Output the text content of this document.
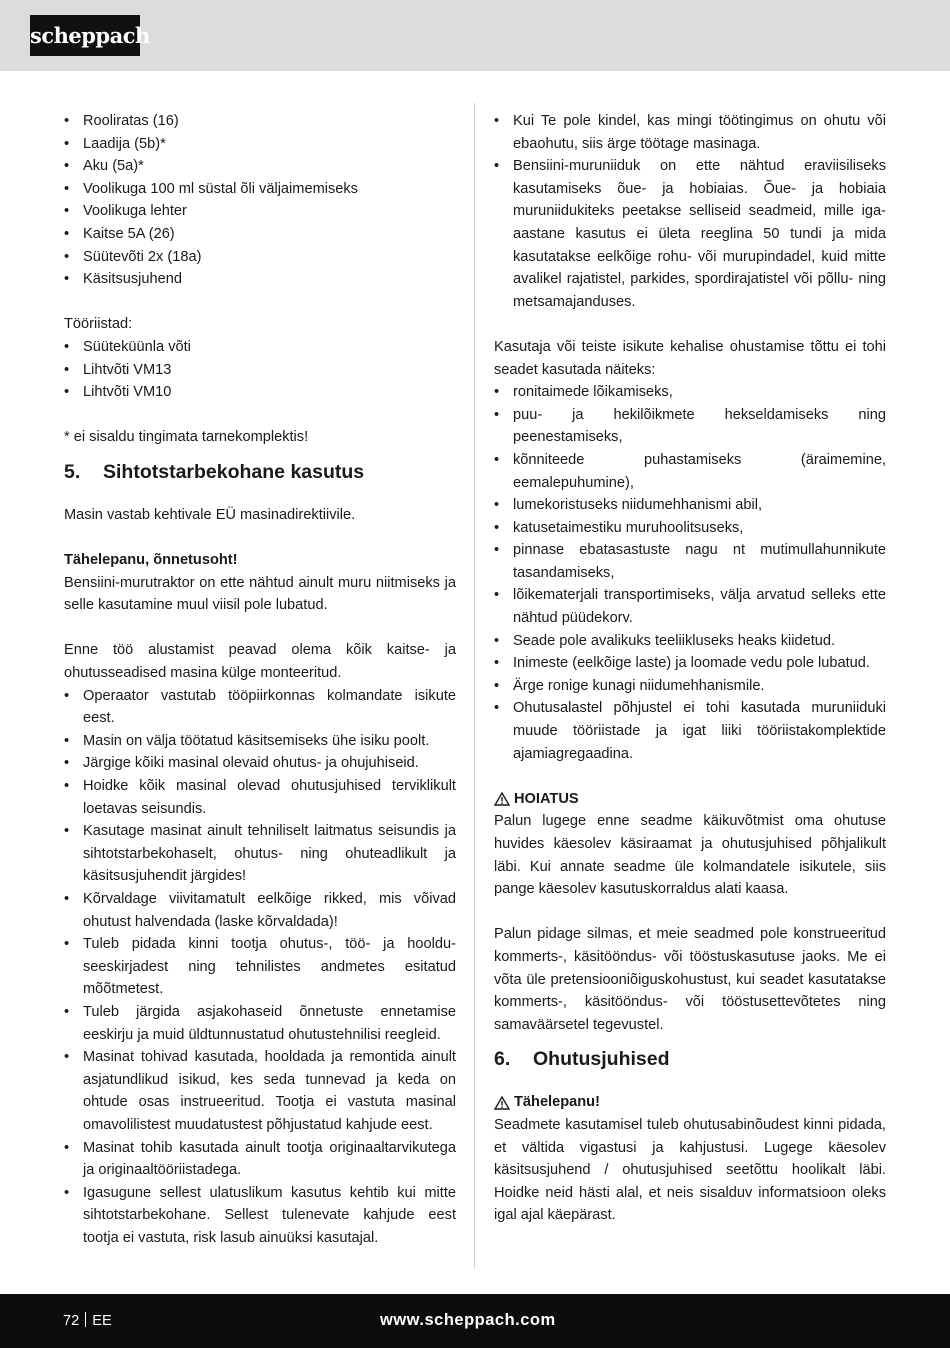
scheppach
• Rooliratas (16)
• Laadija (5b)*
• Aku (5a)*
• Voolikuga 100 ml süstal õli väljaimemiseks
• Voolikuga lehter
• Kaitse 5A (26)
• Süütevõti 2x (18a)
• Käsitsusjuhend

Tööriistad:

• Süüteküünla võti
• Lihtvõti VM13
• Lihtvõti VM10

* ei sisaldu tingimata tarnekomplektis!

5.	Sihtotstarbekohane kasutus

Masin vastab kehtivale EÜ masinadirektiivile.

Tähelepanu, õnnetusoht!

Bensiini-murutraktor on ette nähtud ainult muru niitmiseks ja selle kasutamine muul viisil pole lubatud.

Enne töö alustamist peavad olema kõik kaitse- ja ohutusseadised masina külge monteeritud.

• Operaator vastutab tööpiirkonnas kolmandate isikute eest.
• Masin on välja töötatud käsitsemiseks ühe isiku poolt.
• Järgige kõiki masinal olevaid ohutus- ja ohujuhiseid.
• Hoidke kõik masinal olevad ohutusjuhised terviklikult loetavas seisundis.
• Kasutage masinat ainult tehniliselt laitmatus seisundis ja sihtotstarbekohaselt, ohutus- ning ohuteadlikult ja käsitsusjuhendit järgides!
• Kõrvaldage viivitamatult eelkõige rikked, mis võivad ohutust halvendada (laske kõrvaldada)!
• Tuleb pidada kinni tootja ohutus-, töö- ja hoolduseeskirjadest ning tehnilistes andmetes esitatud mõõtmetest.
• Tuleb järgida asjakohaseid õnnetuste ennetamise eeskirju ja muid üldtunnustatud ohutustehnilisi reegleid.
• Masinat tohivad kasutada, hooldada ja remontida ainult asjatundlikud isikud, kes seda tunnevad ja keda on ohtude osas instrueeritud. Tootja ei vastuta masinal omavolilistest muudatustest põhjustatud kahjude eest.
• Masinat tohib kasutada ainult tootja originaaltarvikutega ja originaaltööriistadega.
• Igasugune sellest ulatuslikum kasutus kehtib kui mitte sihtotstarbekohane. Sellest tulenevate kahjude eest tootja ei vastuta, risk lasub ainuüksi kasutajal.
• Kui Te pole kindel, kas mingi töötingimus on ohutu või ebaohutu, siis ärge töötage masinaga.
• Bensiini-muruniiduk on ette nähtud eraviisiliseks kasutamiseks õue- ja hobiaias. Õue- ja hobiaia muruniidukiteks peetakse selliseid seadmeid, mille iga-aastane kasutus ei ületa reeglina 50 tundi ja mida kasutatakse eelkõige rohu- või murupindadel, kuid mitte avalikel rajatistel, parkides, spordirajatistel või põllu- ning metsamajanduses.

Kasutaja või teiste isikute kehalise ohustamise tõttu ei tohi seadet kasutada näiteks:

• ronitaimede lõikamiseks,
• puu- ja hekilõikmete hekseldamiseks ning peenestamiseks,
• kõnniteede puhastamiseks (äraimemine, eemalepuhumine),
• lumekoristuseks niidumehhanismi abil,
• katusetaimestiku muruhoolitsuseks,
• pinnase ebatasastuste nagu nt mutimullahunnikute tasandamiseks,
• lõikematerjali transportimiseks, välja arvatud selleks ette nähtud püüdekorv.
• Seade pole avalikuks teeliikluseks heaks kiidetud.
• Inimeste (eelkõige laste) ja loomade vedu pole lubatud.
• Ärge ronige kunagi niidumehhanismile.
• Ohutusalastel põhjustel ei tohi kasutada muruniiduki muude tööriistade ja igat liiki tööriistakomplektide ajamiagregaadina.
HOIATUS

Palun lugege enne seadme käikuvõtmist oma ohutuse huvides käesolev käsiraamat ja ohutusjuhised põhjalikult läbi. Kui annate seadme üle kolmandatele isikutele, siis pange käesolev kasutuskorraldus alati kaasa.

Palun pidage silmas, et meie seadmed pole konstrueeritud kommerts-, käsitööndus- või tööstuskasutuse jaoks. Me ei võta üle pretensiooniõiguskohustust, kui seadet kasutatakse kommerts-, käsitööndus- või tööstusettevõtetes ning samaväärsetel tegevustel.

6.	Ohutusjuhised
Tähelepanu!

Seadmete kasutamisel tuleb ohutusabinõudest kinni pidada, et vältida vigastusi ja kahjustusi. Lugege käesolev käsitsusjuhend / ohutusjuhised seetõttu hoolikalt läbi. Hoidke neid hästi alal, et neis sisalduv informatsioon oleks igal ajal käepärast.

72 EE	www.scheppach.com
